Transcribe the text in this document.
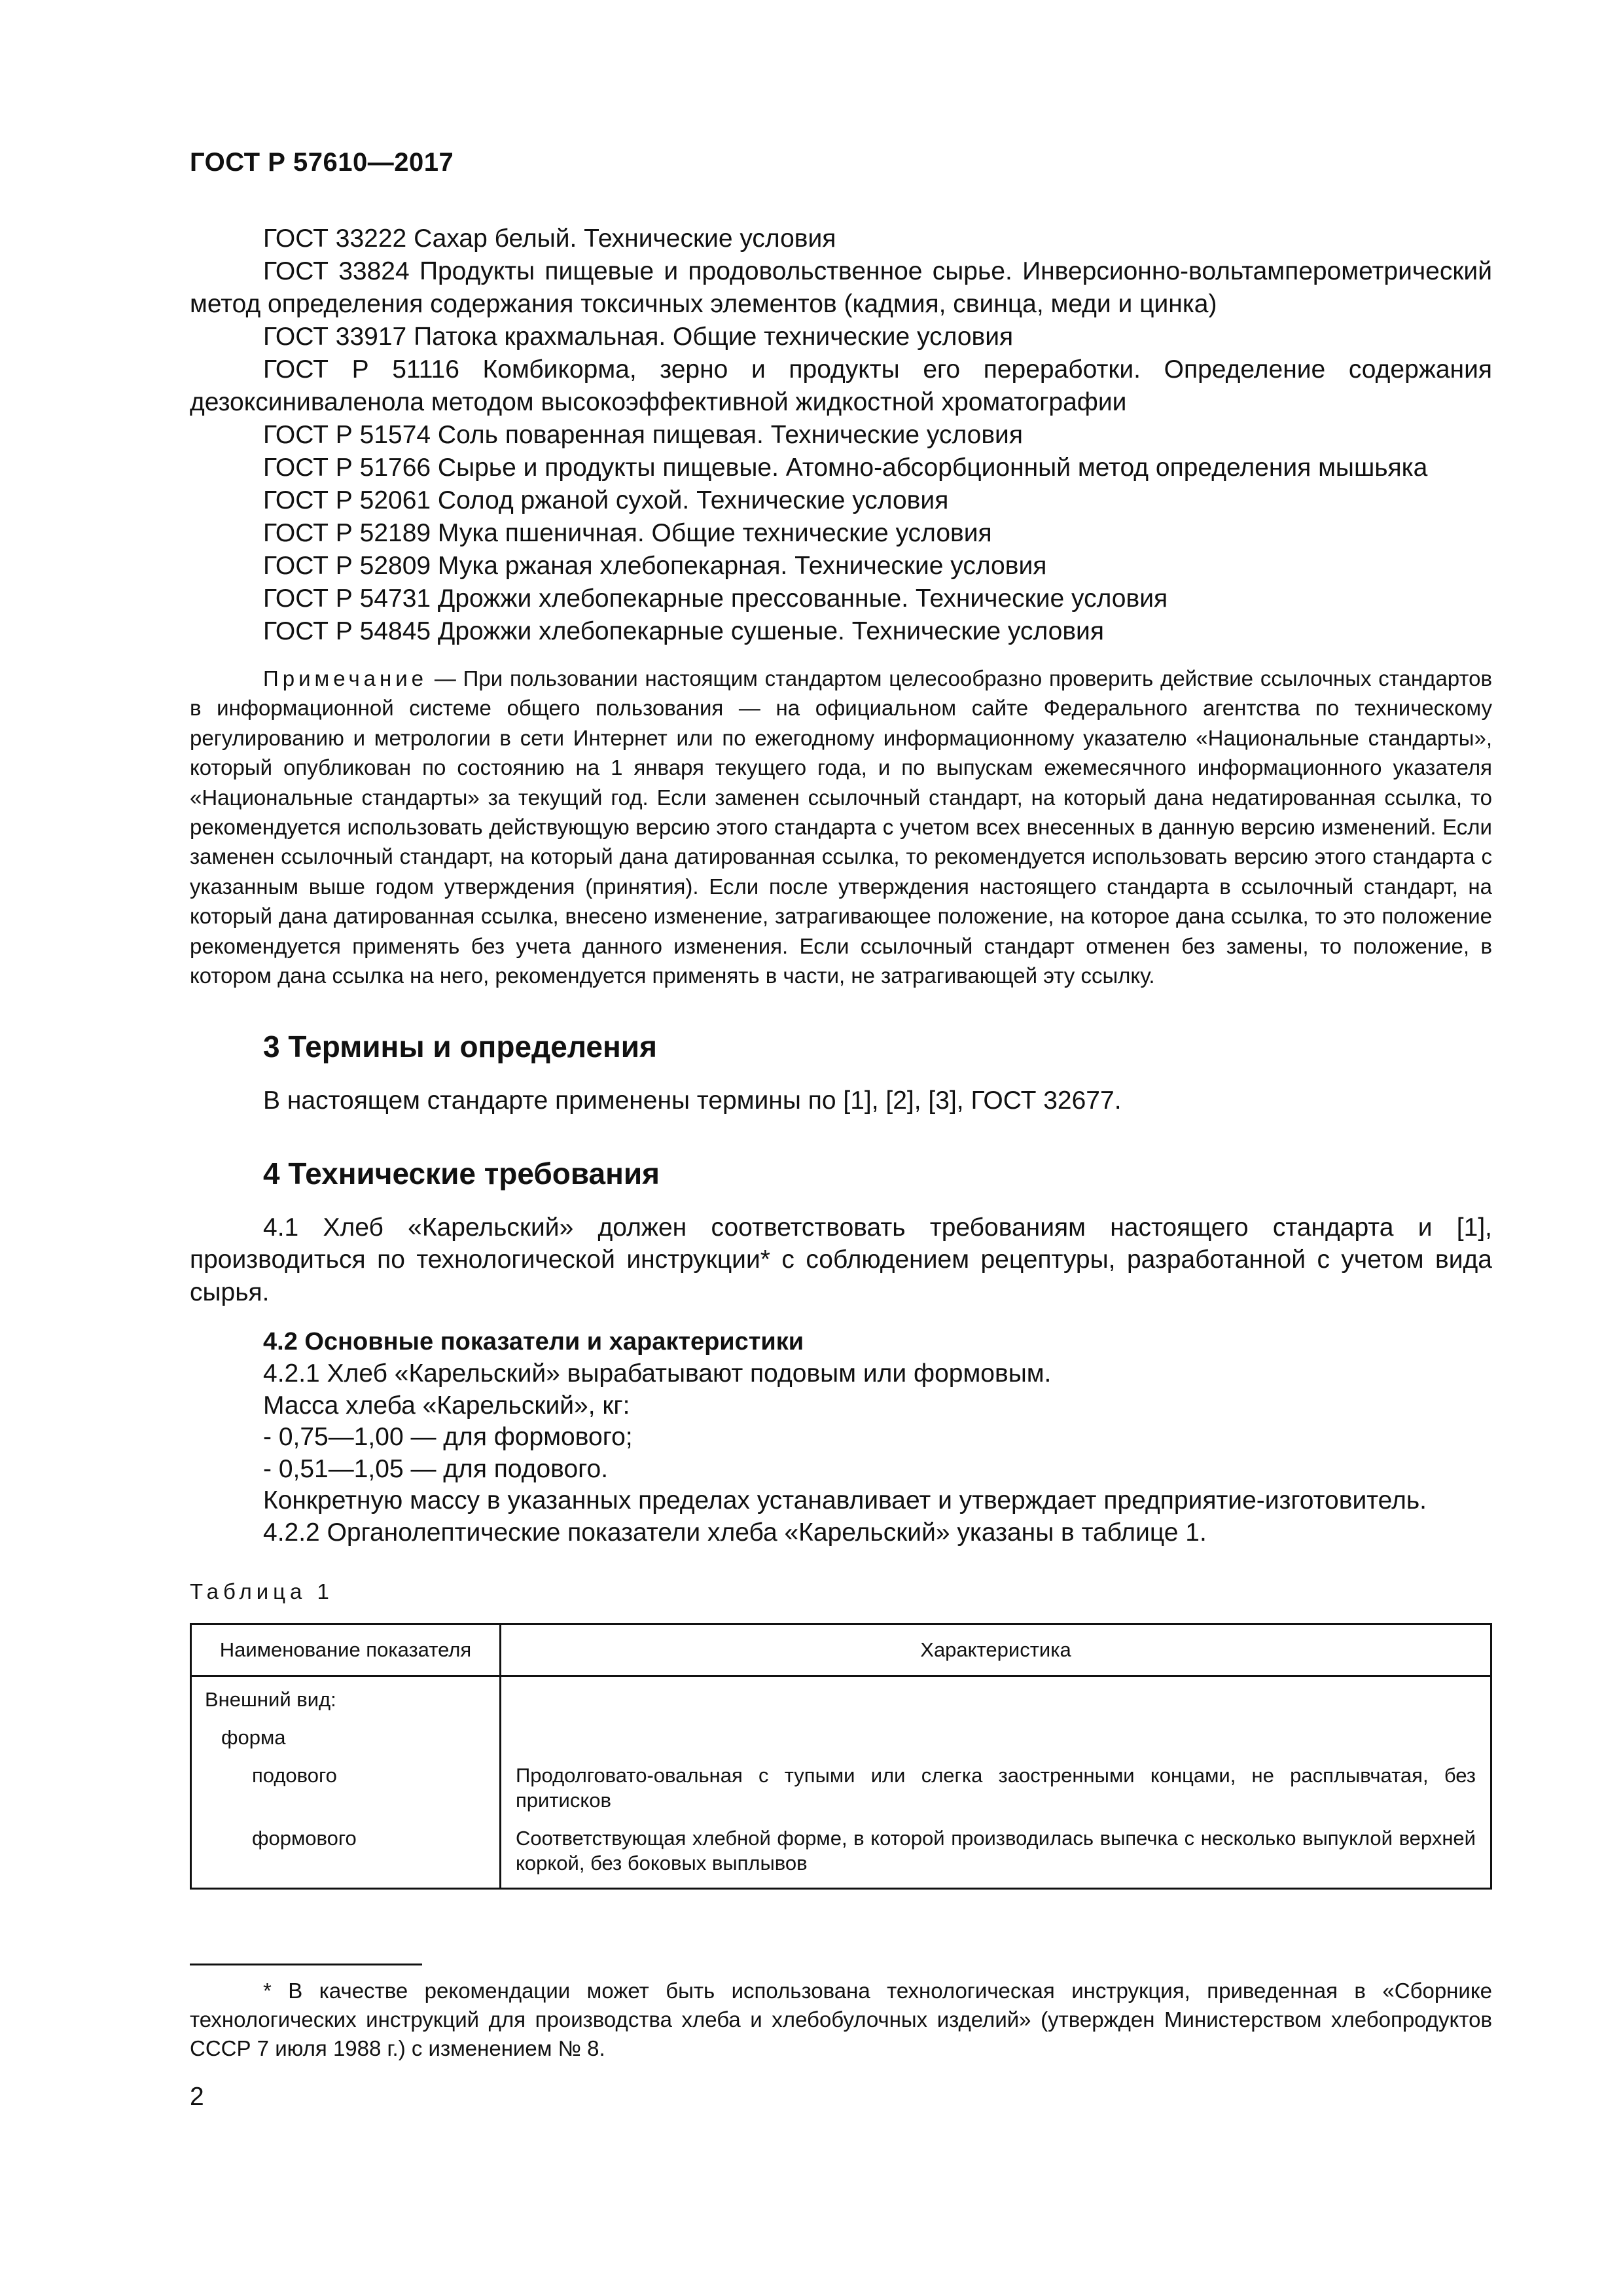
ГОСТ Р 57610—2017

ГОСТ 33222 Сахар белый. Технические условия

ГОСТ 33824 Продукты пищевые и продовольственное сырье. Инверсионно-вольтамперометрический метод определения содержания токсичных элементов (кадмия, свинца, меди и цинка)

ГОСТ 33917 Патока крахмальная. Общие технические условия

ГОСТ Р 51116 Комбикорма, зерно и продукты его переработки. Определение содержания дезоксиниваленола методом высокоэффективной жидкостной хроматографии

ГОСТ Р 51574 Соль поваренная пищевая. Технические условия

ГОСТ Р 51766 Сырье и продукты пищевые. Атомно-абсорбционный метод определения мышьяка

ГОСТ Р 52061 Солод ржаной сухой. Технические условия

ГОСТ Р 52189 Мука пшеничная. Общие технические условия

ГОСТ Р 52809 Мука ржаная хлебопекарная. Технические условия

ГОСТ Р 54731 Дрожжи хлебопекарные прессованные. Технические условия

ГОСТ Р 54845 Дрожжи хлебопекарные сушеные. Технические условия

Примечание — При пользовании настоящим стандартом целесообразно проверить действие ссылочных стандартов в информационной системе общего пользования — на официальном сайте Федерального агентства по техническому регулированию и метрологии в сети Интернет или по ежегодному информационному указателю «Национальные стандарты», который опубликован по состоянию на 1 января текущего года, и по выпускам ежемесячного информационного указателя «Национальные стандарты» за текущий год. Если заменен ссылочный стандарт, на который дана недатированная ссылка, то рекомендуется использовать действующую версию этого стандарта с учетом всех внесенных в данную версию изменений. Если заменен ссылочный стандарт, на который дана датированная ссылка, то рекомендуется использовать версию этого стандарта с указанным выше годом утверждения (принятия). Если после утверждения настоящего стандарта в ссылочный стандарт, на который дана датированная ссылка, внесено изменение, затрагивающее положение, на которое дана ссылка, то это положение рекомендуется применять без учета данного изменения. Если ссылочный стандарт отменен без замены, то положение, в котором дана ссылка на него, рекомендуется применять в части, не затрагивающей эту ссылку.
3 Термины и определения

В настоящем стандарте применены термины по [1], [2], [3], ГОСТ 32677.

4 Технические требования

4.1 Хлеб «Карельский» должен соответствовать требованиям настоящего стандарта и [1], производиться по технологической инструкции* с соблюдением рецептуры, разработанной с учетом вида сырья.

4.2 Основные показатели и характеристики

4.2.1 Хлеб «Карельский» вырабатывают подовым или формовым.

Масса хлеба «Карельский», кг:

- 0,75—1,00 — для формового;

- 0,51—1,05 — для подового.

Конкретную массу в указанных пределах устанавливает и утверждает предприятие-изготовитель.

4.2.2 Органолептические показатели хлеба «Карельский» указаны в таблице 1.

Таблица 1
Наименование показателя	Характеристика
Внешний вид:	
форма	
подового	Продолговато-овальная с тупыми или слегка заостренными концами, не расплывчатая, без притисков
формового	Соответствующая хлебной форме, в которой производилась выпечка с несколько выпуклой верхней коркой, без боковых выплывов
* В качестве рекомендации может быть использована технологическая инструкция, приведенная в «Сборнике технологических инструкций для производства хлеба и хлебобулочных изделий» (утвержден Министерством хлебопродуктов СССР 7 июля 1988 г.) с изменением № 8.
2
